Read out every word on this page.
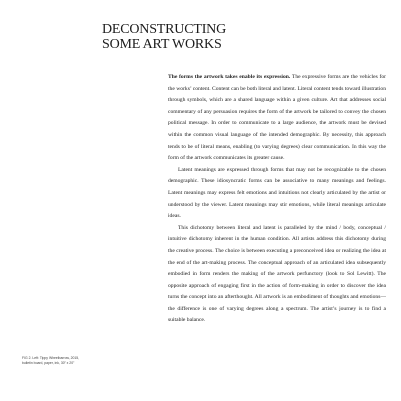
DECONSTRUCTING
SOME ART WORKS

The forms the artwork takes enable its expression. The expressive forms are the vehicles for the works’ content. Content can be both literal and latent. Literal content tends toward illustration through symbols, which are a shared language within a given culture. Art that addresses social commentary of any persuasion requires the form of the artwork be tailored to convey the chosen political message. In order to communicate to a large audience, the artwork must be devised within the common visual language of the intended demographic. By necessity, this approach tends to be of literal means, enabling (to varying degrees) clear communication. In this way the form of the artwork communicates its greater cause.

Latent meanings are expressed through forms that may not be recognizable to the chosen demographic. These idiosyncratic forms can be associative to many meanings and feelings. Latent meanings may express felt emotions and intuitions not clearly articulated by the artist or understood by the viewer. Latent meanings may stir emotions, while literal meanings articulate ideas.

This dichotomy between literal and latent is paralleled by the mind / body, conceptual / intuitive dichotomy inherent in the human condition. All artists address this dichotomy during the creative process. The choice is between executing a preconceived idea or realizing the idea at the end of the art-making process. The conceptual approach of an articulated idea subsequently embodied in form renders the making of the artwork perfunctory (look to Sol Lewitt). The opposite approach of engaging first in the action of form-making in order to discover the idea turns the concept into an afterthought. All artwork is an embodiment of thoughts and emotions—the difference is one of varying degrees along a spectrum. The artist’s journey is to find a suitable balance.

FIG 2. Left: Tippy Wheelbarrow, 2015,
bulletin board, paper, ink, 30” x 20”
